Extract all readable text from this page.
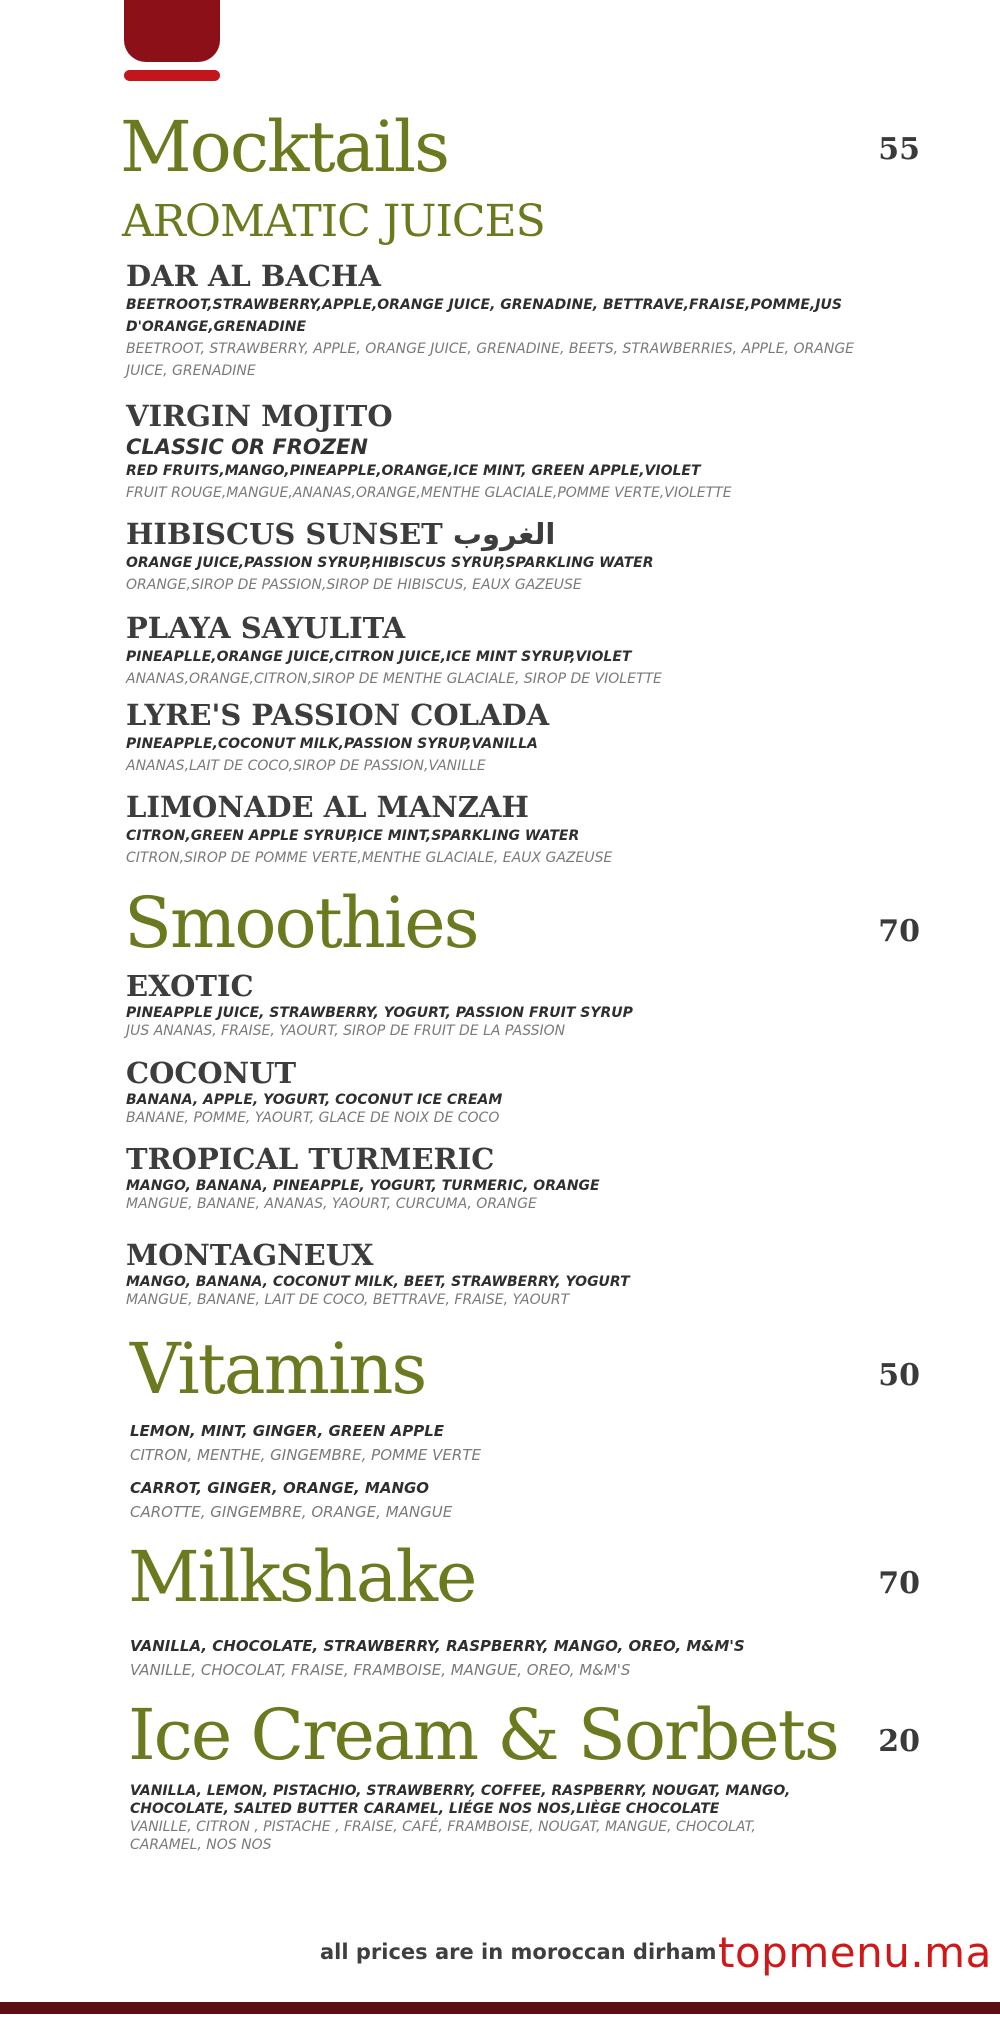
Mocktails	55
AROMATIC JUICES
DAR AL BACHA
BEETROOT,STRAWBERRY,APPLE,ORANGE JUICE, GRENADINE, BETTRAVE,FRAISE,POMME,JUS D'ORANGE,GRENADINE
BEETROOT, STRAWBERRY, APPLE, ORANGE JUICE, GRENADINE, BEETS, STRAWBERRIES, APPLE, ORANGE JUICE, GRENADINE
VIRGIN MOJITO
CLASSIC OR FROZEN
RED FRUITS,MANGO,PINEAPPLE,ORANGE,ICE MINT, GREEN APPLE,VIOLET
FRUIT ROUGE,MANGUE,ANANAS,ORANGE,MENTHE GLACIALE,POMME VERTE,VIOLETTE
HIBISCUS SUNSET الغروب
ORANGE JUICE,PASSION SYRUP,HIBISCUS SYRUP,SPARKLING WATER
ORANGE,SIROP DE PASSION,SIROP DE HIBISCUS, EAUX GAZEUSE
PLAYA SAYULITA
PINEAPLLE,ORANGE JUICE,CITRON JUICE,ICE MINT SYRUP,VIOLET
ANANAS,ORANGE,CITRON,SIROP DE MENTHE GLACIALE, SIROP DE VIOLETTE
LYRE'S PASSION COLADA
PINEAPPLE,COCONUT MILK,PASSION SYRUP,VANILLA
ANANAS,LAIT DE COCO,SIROP DE PASSION,VANILLE
LIMONADE AL MANZAH
CITRON,GREEN APPLE SYRUP,ICE MINT,SPARKLING WATER
CITRON,SIROP DE POMME VERTE,MENTHE GLACIALE, EAUX GAZEUSE
Smoothies	70
EXOTIC
PINEAPPLE JUICE, STRAWBERRY, YOGURT, PASSION FRUIT SYRUP
JUS ANANAS, FRAISE, YAOURT, SIROP DE FRUIT DE LA PASSION
COCONUT
BANANA, APPLE, YOGURT, COCONUT ICE CREAM
BANANE, POMME, YAOURT, GLACE DE NOIX DE COCO
TROPICAL TURMERIC
MANGO, BANANA, PINEAPPLE, YOGURT, TURMERIC, ORANGE
MANGUE, BANANE, ANANAS, YAOURT, CURCUMA, ORANGE
MONTAGNEUX
MANGO, BANANA, COCONUT MILK, BEET, STRAWBERRY, YOGURT
MANGUE, BANANE, LAIT DE COCO, BETTRAVE, FRAISE, YAOURT
Vitamins	50
LEMON, MINT, GINGER, GREEN APPLE
CITRON, MENTHE, GINGEMBRE, POMME VERTE
CARROT, GINGER, ORANGE, MANGO
CAROTTE, GINGEMBRE, ORANGE, MANGUE
Milkshake	70
VANILLA, CHOCOLATE, STRAWBERRY, RASPBERRY, MANGO, OREO, M&M'S
VANILLE, CHOCOLAT, FRAISE, FRAMBOISE, MANGUE, OREO, M&M'S
Ice Cream & Sorbets 20
VANILLA, LEMON, PISTACHIO, STRAWBERRY, COFFEE, RASPBERRY, NOUGAT, MANGO, CHOCOLATE, SALTED BUTTER CARAMEL, LIÉGE NOS NOS,LIÈGE CHOCOLATE
VANILLE, CITRON , PISTACHE , FRAISE, CAFÉ, FRAMBOISE, NOUGAT, MANGUE, CHOCOLAT, CARAMEL, NOS NOS
all prices are in moroccan dirham topmenu.ma
